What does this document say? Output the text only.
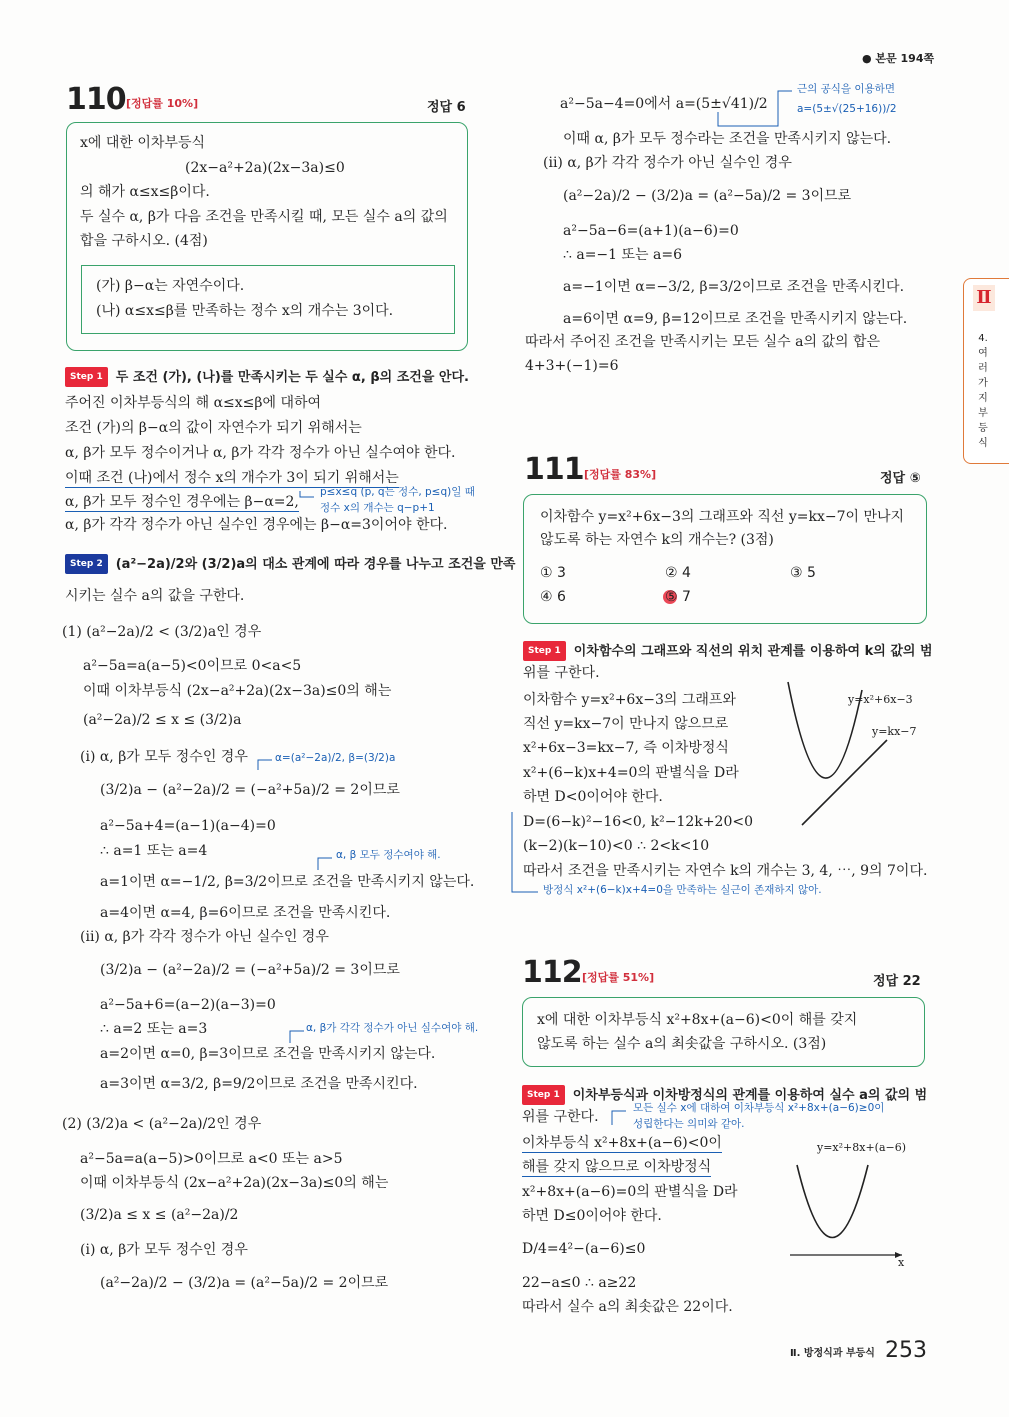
● 본문 194쪽
110 [정답률 10%]	정답 6
111 [정답률 83%]	정답 ⑤
112 [정답률 51%]	정답 22
Ⅱ
4.여러가지부등식
Ⅱ. 방정식과 부등식 253
x에 대한 이차부등식
(2x−a²+2a)(2x−3a)≤0
의 해가 α≤x≤β이다.
두 실수 α, β가 다음 조건을 만족시킬 때, 모든 실수 a의 값의
합을 구하시오. (4점)
(가) β−α는 자연수이다.
(나) α≤x≤β를 만족하는 정수 x의 개수는 3이다.
Step 1 두 조건 (가), (나)를 만족시키는 두 실수 α, β의 조건을 안다.
Step 2 (a²−2a)/2와 (3/2)a의 대소 관계에 따라 경우를 나누고 조건을 만족
Step 1 이차함수의 그래프와 직선의 위치 관계를 이용하여 k의 값의 범
Step 1 이차부등식과 이차방정식의 관계를 이용하여 실수 a의 값의 범
주어진 이차부등식의 해 α≤x≤β에 대하여
조건 (가)의 β−α의 값이 자연수가 되기 위해서는
α, β가 모두 정수이거나 α, β가 각각 정수가 아닌 실수여야 한다.
이때 조건 (나)에서 정수 x의 개수가 3이 되기 위해서는
α, β가 모두 정수인 경우에는 β−α=2,
α, β가 각각 정수가 아닌 실수인 경우에는 β−α=3이어야 한다.
시키는 실수 a의 값을 구한다.
(1) (a²−2a)/2 < (3/2)a인 경우
a²−5a=a(a−5)<0이므로 0<a<5
이때 이차부등식 (2x−a²+2a)(2x−3a)≤0의 해는
(a²−2a)/2 ≤ x ≤ (3/2)a
(i) α, β가 모두 정수인 경우
(3/2)a − (a²−2a)/2 = (−a²+5a)/2 = 2이므로
a²−5a+4=(a−1)(a−4)=0
∴ a=1 또는 a=4
a=1이면 α=−1/2, β=3/2이므로 조건을 만족시키지 않는다.
a=4이면 α=4, β=6이므로 조건을 만족시킨다.
(ii) α, β가 각각 정수가 아닌 실수인 경우
(3/2)a − (a²−2a)/2 = (−a²+5a)/2 = 3이므로
a²−5a+6=(a−2)(a−3)=0
∴ a=2 또는 a=3
a=2이면 α=0, β=3이므로 조건을 만족시키지 않는다.
a=3이면 α=3/2, β=9/2이므로 조건을 만족시킨다.
(2) (3/2)a < (a²−2a)/2인 경우
a²−5a=a(a−5)>0이므로 a<0 또는 a>5
이때 이차부등식 (2x−a²+2a)(2x−3a)≤0의 해는
(3/2)a ≤ x ≤ (a²−2a)/2
(i) α, β가 모두 정수인 경우
(a²−2a)/2 − (3/2)a = (a²−5a)/2 = 2이므로
a²−5a−4=0에서 a=(5±√41)/2
이때 α, β가 모두 정수라는 조건을 만족시키지 않는다.
(ii) α, β가 각각 정수가 아닌 실수인 경우
(a²−2a)/2 − (3/2)a = (a²−5a)/2 = 3이므로
a²−5a−6=(a+1)(a−6)=0
∴ a=−1 또는 a=6
a=−1이면 α=−3/2, β=3/2이므로 조건을 만족시킨다.
a=6이면 α=9, β=12이므로 조건을 만족시키지 않는다.
따라서 주어진 조건을 만족시키는 모든 실수 a의 값의 합은
4+3+(−1)=6
p≤x≤q (p, q는 정수, p≤q)일 때
정수 x의 개수는 q−p+1
α=(a²−2a)/2, β=(3/2)a
α, β 모두 정수여야 해.
α, β가 각각 정수가 아닌 실수여야 해.
근의 공식을 이용하면
a=(5±√(25+16))/2
이차함수 y=x²+6x−3의 그래프와 직선 y=kx−7이 만나지
않도록 하는 자연수 k의 개수는? (3점)
① 3	② 4	③ 5
④ 6	⑤ 7
위를 구한다.
이차함수 y=x²+6x−3의 그래프와
직선 y=kx−7이 만나지 않으므로
x²+6x−3=kx−7, 즉 이차방정식
x²+(6−k)x+4=0의 판별식을 D라
하면 D<0이어야 한다.
D=(6−k)²−16<0, k²−12k+20<0
(k−2)(k−10)<0 ∴ 2<k<10
따라서 조건을 만족시키는 자연수 k의 개수는 3, 4, ⋯, 9의 7이다.
방정식 x²+(6−k)x+4=0을 만족하는 실근이 존재하지 않아.
y=x²+6x−3
y=kx−7
x에 대한 이차부등식 x²+8x+(a−6)<0이 해를 갖지
않도록 하는 실수 a의 최솟값을 구하시오. (3점)
위를 구한다.
이차부등식 x²+8x+(a−6)<0이
해를 갖지 않으므로 이차방정식
x²+8x+(a−6)=0의 판별식을 D라
하면 D≤0이어야 한다.
D/4=4²−(a−6)≤0
22−a≤0 ∴ a≥22
따라서 실수 a의 최솟값은 22이다.
모든 실수 x에 대하여 이차부등식 x²+8x+(a−6)≥0이
성립한다는 의미와 같아.
y=x²+8x+(a−6)
x
